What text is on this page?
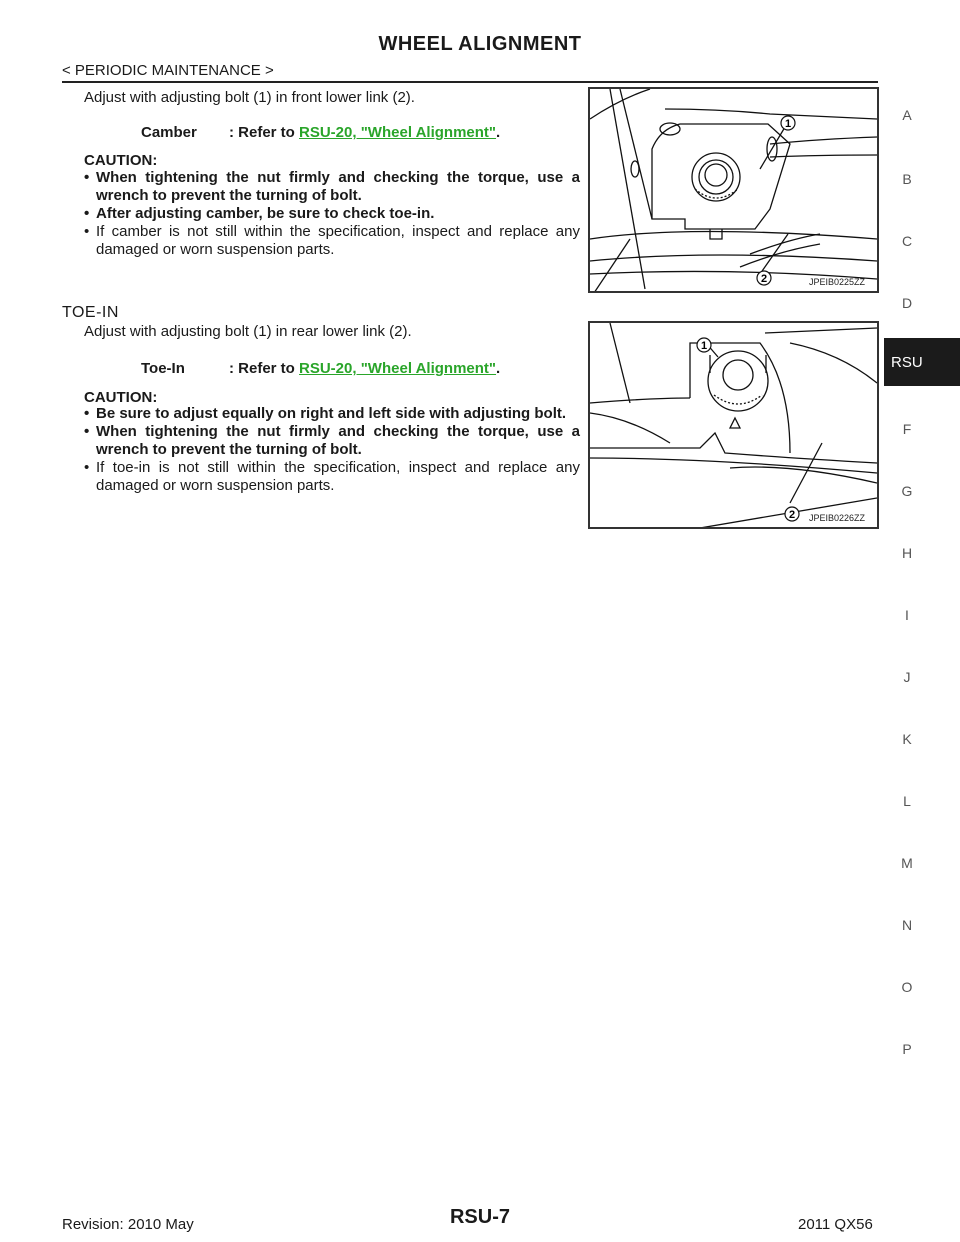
WHEEL ALIGNMENT
< PERIODIC MAINTENANCE >
A
B
C
D
RSU
F
G
H
I
J
K
L
M
N
O
P
Adjust with adjusting bolt (1) in front lower link (2).
Camber : Refer to RSU-20, "Wheel Alignment".
CAUTION:
• When tightening the nut firmly and checking the torque, use a wrench to prevent the turning of bolt.
• After adjusting camber, be sure to check toe-in.
• If camber is not still within the specification, inspect and replace any damaged or worn suspension parts.
1
2	JPEIB0225ZZ
TOE-IN
Adjust with adjusting bolt (1) in rear lower link (2).
Toe-In	: Refer to RSU-20, "Wheel Alignment".
CAUTION:
• Be sure to adjust equally on right and left side with adjusting bolt.
• When tightening the nut firmly and checking the torque, use a wrench to prevent the turning of bolt.
• If toe-in is not still within the specification, inspect and replace any damaged or worn suspension parts.
1
2 JPEIB0226ZZ
Revision: 2010 May	RSU-7	2011 QX56
